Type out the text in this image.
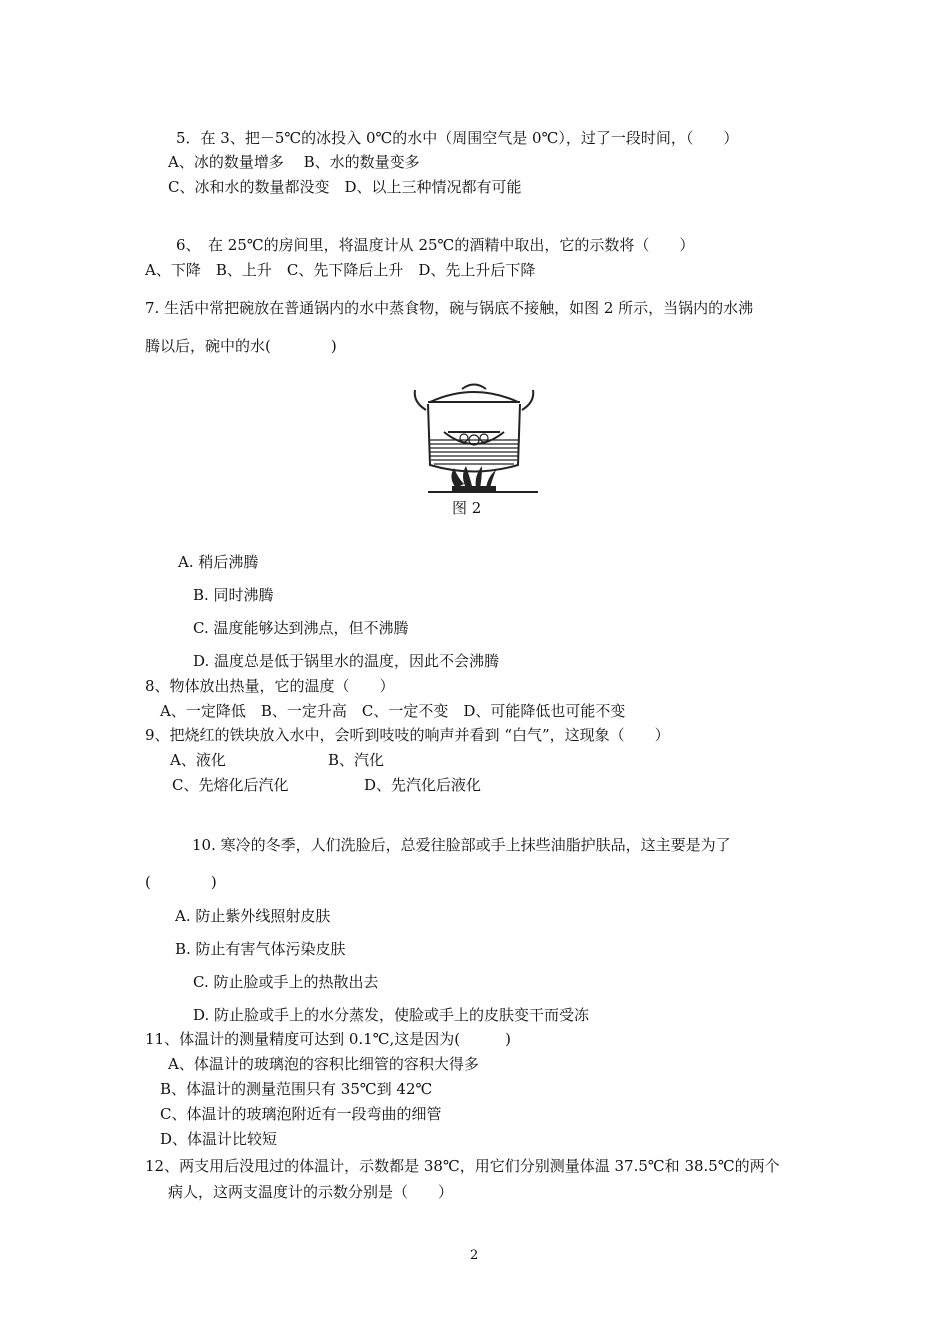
5．在 3、把－5℃的冰投入 0℃的水中（周围空气是 0℃），过了一段时间，（　　）
A、冰的数量增多　 B、水的数量变多
C、冰和水的数量都没变　D、以上三种情况都有可能
6、　在 25℃的房间里，将温度计从 25℃的酒精中取出，它的示数将（　　）
A、下降　B、上升　C、先下降后上升　D、先上升后下降
7. 生活中常把碗放在普通锅内的水中蒸食物，碗与锅底不接触，如图 2 所示，当锅内的水沸
腾以后，碗中的水(　　　　)
图 2
A. 稍后沸腾
B. 同时沸腾
C. 温度能够达到沸点，但不沸腾
D. 温度总是低于锅里水的温度，因此不会沸腾
8、物体放出热量，它的温度（　　）
A、一定降低　B、一定升高　C、一定不变　D、可能降低也可能不变
9、把烧红的铁块放入水中，会听到吱吱的响声并看到 “白气”，这现象（　　）
A、液化	B、汽化
C、先熔化后汽化	D、先汽化后液化
10. 寒冷的冬季，人们洗脸后，总爱往脸部或手上抹些油脂护肤品，这主要是为了
(　　　　)
A. 防止紫外线照射皮肤
B. 防止有害气体污染皮肤
C. 防止脸或手上的热散出去
D. 防止脸或手上的水分蒸发，使脸或手上的皮肤变干而受冻
11、体温计的测量精度可达到 0.1℃,这是因为(　　　)
A、体温计的玻璃泡的容积比细管的容积大得多
B、体温计的测量范围只有 35℃到 42℃
C、体温计的玻璃泡附近有一段弯曲的细管
D、体温计比较短
12、两支用后没甩过的体温计，示数都是 38℃，用它们分别测量体温 37.5℃和 38.5℃的两个
病人，这两支温度计的示数分别是（　　）
2
